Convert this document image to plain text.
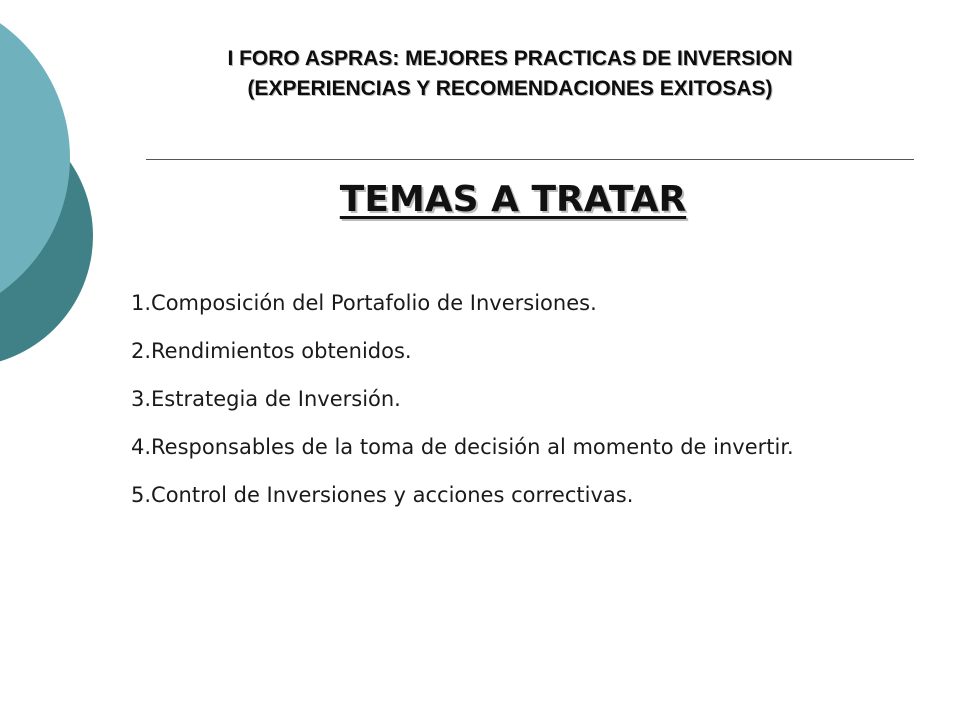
I FORO ASPRAS: MEJORES PRACTICAS DE INVERSION
(EXPERIENCIAS Y RECOMENDACIONES EXITOSAS)
TEMAS A TRATAR
1.Composición del Portafolio de Inversiones.
2.Rendimientos obtenidos.
3.Estrategia de Inversión.
4.Responsables de la toma de decisión al momento de invertir.
5.Control de Inversiones y acciones correctivas.
